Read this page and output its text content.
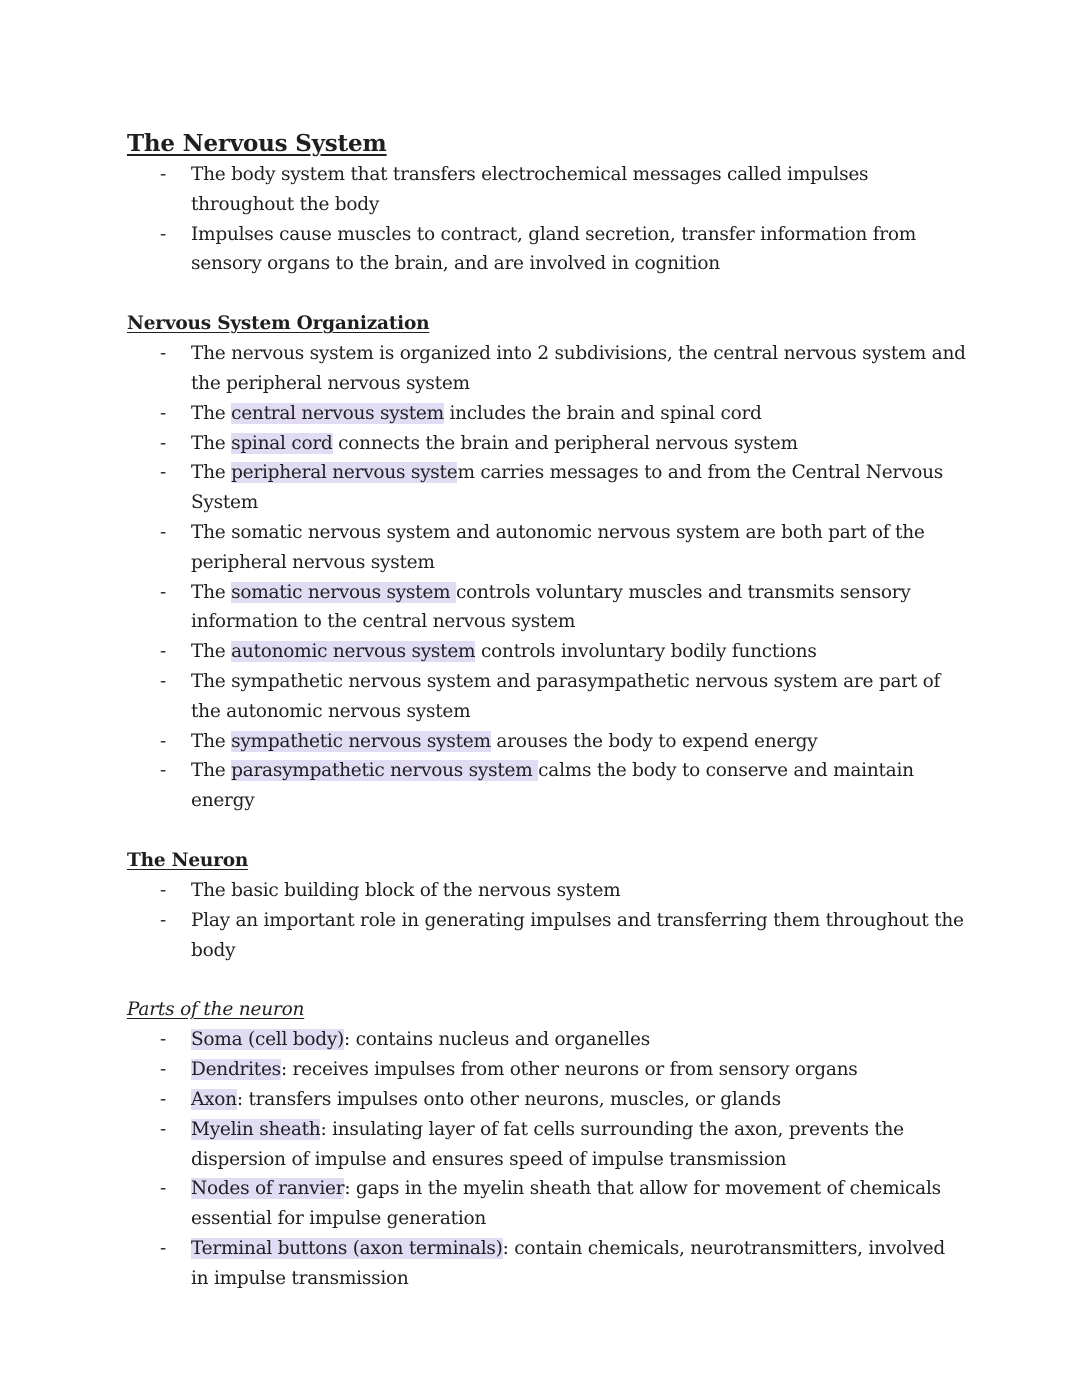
The Nervous System
- The body system that transfers electrochemical messages called impulses throughout the body
- Impulses cause muscles to contract, gland secretion, transfer information from sensory organs to the brain, and are involved in cognition
Nervous System Organization
- The nervous system is organized into 2 subdivisions, the central nervous system and the peripheral nervous system
- The central nervous system includes the brain and spinal cord
- The spinal cord connects the brain and peripheral nervous system
- The peripheral nervous system carries messages to and from the Central Nervous System
- The somatic nervous system and autonomic nervous system are both part of the peripheral nervous system
- The somatic nervous system controls voluntary muscles and transmits sensory information to the central nervous system
- The autonomic nervous system controls involuntary bodily functions
- The sympathetic nervous system and parasympathetic nervous system are part of the autonomic nervous system
- The sympathetic nervous system arouses the body to expend energy
- The parasympathetic nervous system calms the body to conserve and maintain energy
The Neuron
- The basic building block of the nervous system
- Play an important role in generating impulses and transferring them throughout the body
Parts of the neuron
- Soma (cell body): contains nucleus and organelles
- Dendrites: receives impulses from other neurons or from sensory organs
- Axon: transfers impulses onto other neurons, muscles, or glands
- Myelin sheath: insulating layer of fat cells surrounding the axon, prevents the dispersion of impulse and ensures speed of impulse transmission
- Nodes of ranvier: gaps in the myelin sheath that allow for movement of chemicals essential for impulse generation
- Terminal buttons (axon terminals): contain chemicals, neurotransmitters, involved in impulse transmission
